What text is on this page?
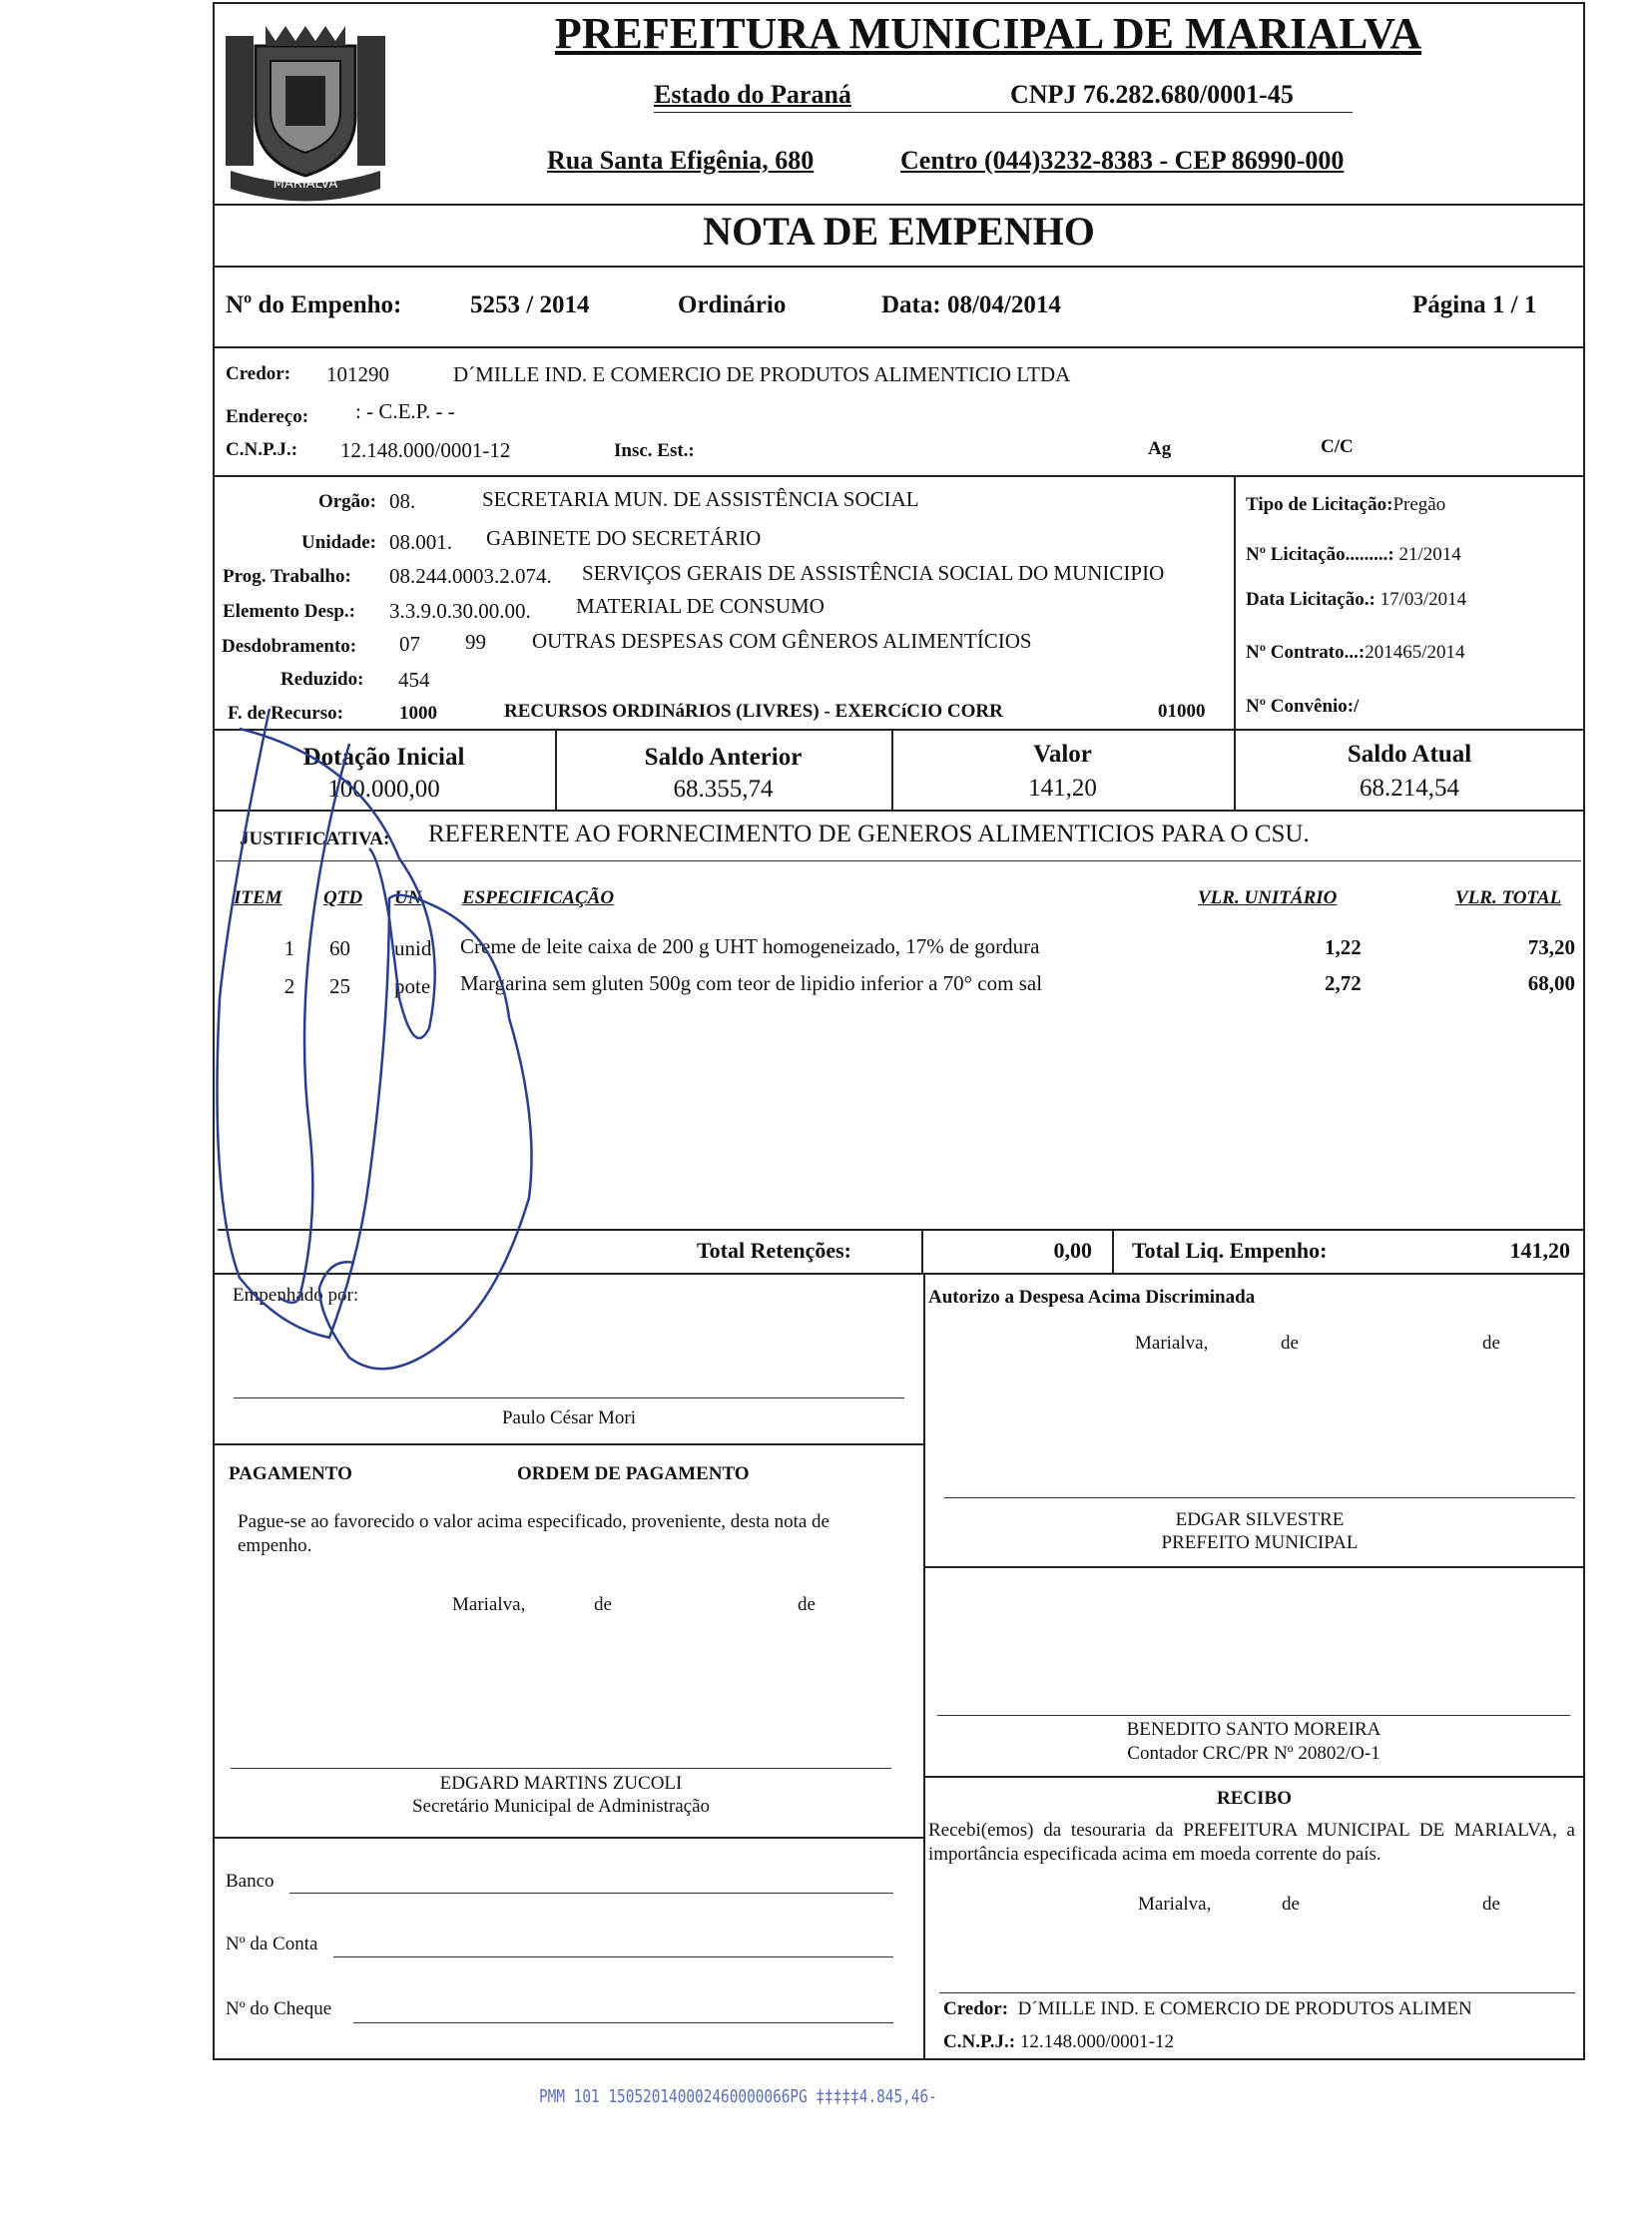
MARIALVA
PREFEITURA MUNICIPAL DE MARIALVA
Estado do Paraná	CNPJ 76.282.680/0001-45
Rua Santa Efigênia, 680	Centro (044)3232-8383 - CEP 86990-000
NOTA DE EMPENHO
Nº do Empenho:	5253 / 2014	Ordinário	Data: 08/04/2014	Página 1 / 1
Credor: 101290	D´MILLE IND. E COMERCIO DE PRODUTOS ALIMENTICIO LTDA
Endereço: : - C.E.P. - -
C.N.P.J.: 12.148.000/0001-12	Insc. Est.:	Ag	C/C
Orgão: 08.	SECRETARIA MUN. DE ASSISTÊNCIA SOCIAL
Unidade: 08.001. GABINETE DO SECRETÁRIO
Prog. Trabalho: 08.244.0003.2.074. SERVIÇOS GERAIS DE ASSISTÊNCIA SOCIAL DO MUNICIPIO
Elemento Desp.: 3.3.9.0.30.00.00. MATERIAL DE CONSUMO
Desdobramento: 07 99 OUTRAS DESPESAS COM GÊNEROS ALIMENTÍCIOS
Reduzido: 454
F. de Recurso:	1000	RECURSOS ORDINáRIOS (LIVRES) - EXERCíCIO CORR	01000
Tipo de Licitação:Pregão
Nº Licitação.........: 21/2014
Data Licitação.: 17/03/2014
Nº Contrato...:201465/2014
Nº Convênio:/
Dotação Inicial
100.000,00
Saldo Anterior
68.355,74
Valor
141,20
Saldo Atual
68.214,54
JUSTIFICATIVA: REFERENTE AO FORNECIMENTO DE GENEROS ALIMENTICIOS PARA O CSU.
ITEM QTD UN ESPECIFICAÇÃO	VLR. UNITÁRIO	VLR. TOTAL
1	60 unid Creme de leite caixa de 200 g UHT homogeneizado, 17% de gordura	1,22	73,20
2	25 pote Margarina sem gluten 500g com teor de lipidio inferior a 70° com sal	2,72	68,00
Total Retenções:	0,00 Total Liq. Empenho:	141,20
Empenhado por:
Paulo César Mori
Autorizo a Despesa Acima Discriminada
Marialva,	de	de
EDGAR SILVESTRE
PREFEITO MUNICIPAL
PAGAMENTO	ORDEM DE PAGAMENTO
Pague-se ao favorecido o valor acima especificado, proveniente, desta nota de empenho.
Marialva,	de	de
EDGARD MARTINS ZUCOLI
Secretário Municipal de Administração
BENEDITO SANTO MOREIRA
Contador CRC/PR Nº 20802/O-1
RECIBO
Recebi(emos) da tesouraria da PREFEITURA MUNICIPAL DE MARIALVA, a importância especificada acima em moeda corrente do país.
Marialva,	de	de
Credor: D´MILLE IND. E COMERCIO DE PRODUTOS ALIMEN
C.N.P.J.: 12.148.000/0001-12
Banco
Nº da Conta
Nº do Cheque
PMM 101 150520140002460000066PG ‡‡‡‡‡4.845,46-
